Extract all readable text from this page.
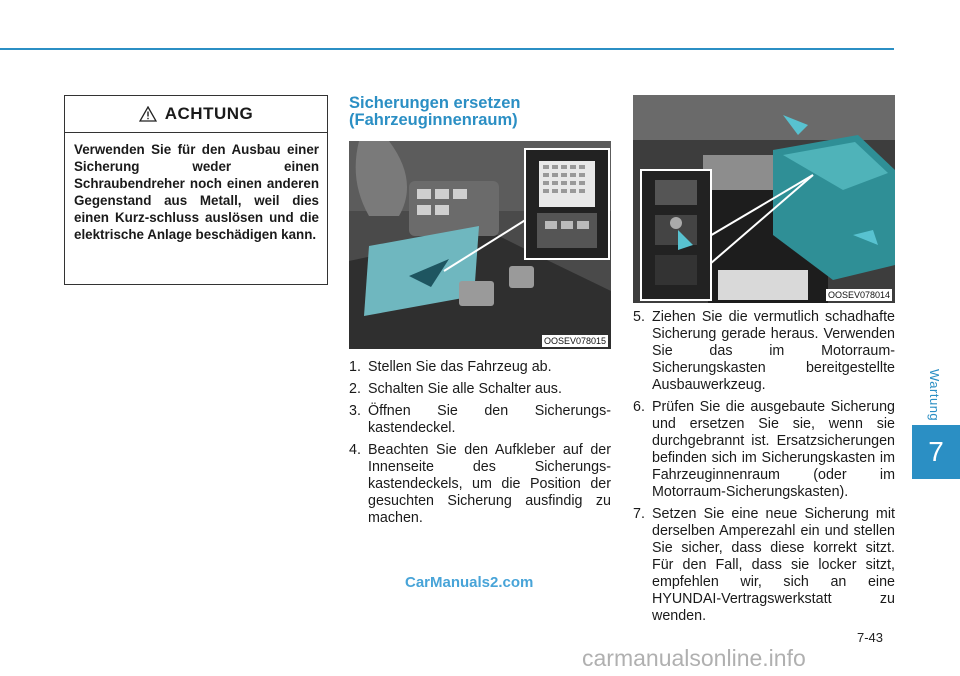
Wartung
7
ACHTUNG
Verwenden Sie für den Ausbau einer Sicherung weder einen Schraubendreher noch einen anderen Gegenstand aus Metall, weil dies einen Kurz-schluss auslösen und die elektrische Anlage beschädigen kann.
Sicherungen ersetzen (Fahrzeuginnenraum)
OOSEV078015
1. Stellen Sie das Fahrzeug ab.
2. Schalten Sie alle Schalter aus.
3. Öffnen Sie den Sicherungs-kastendeckel.
4. Beachten Sie den Aufkleber auf der Innenseite des Sicherungs-kastendeckels, um die Position der gesuchten Sicherung ausfindig zu machen.
OOSEV078014
5. Ziehen Sie die vermutlich schadhafte Sicherung gerade heraus. Verwenden Sie das im Motorraum-Sicherungskasten bereitgestellte Ausbauwerkzeug.
6. Prüfen Sie die ausgebaute Sicherung und ersetzen Sie sie, wenn sie durchgebrannt ist. Ersatzsicherungen befinden sich im Sicherungskasten im Fahrzeuginnenraum (oder im Motorraum-Sicherungskasten).
7. Setzen Sie eine neue Sicherung mit derselben Amperezahl ein und stellen Sie sicher, dass diese korrekt sitzt. Für den Fall, dass sie locker sitzt, empfehlen wir, sich an eine HYUNDAI-Vertragswerkstatt zu wenden.
CarManuals2.com
7-43
carmanualsonline.info
